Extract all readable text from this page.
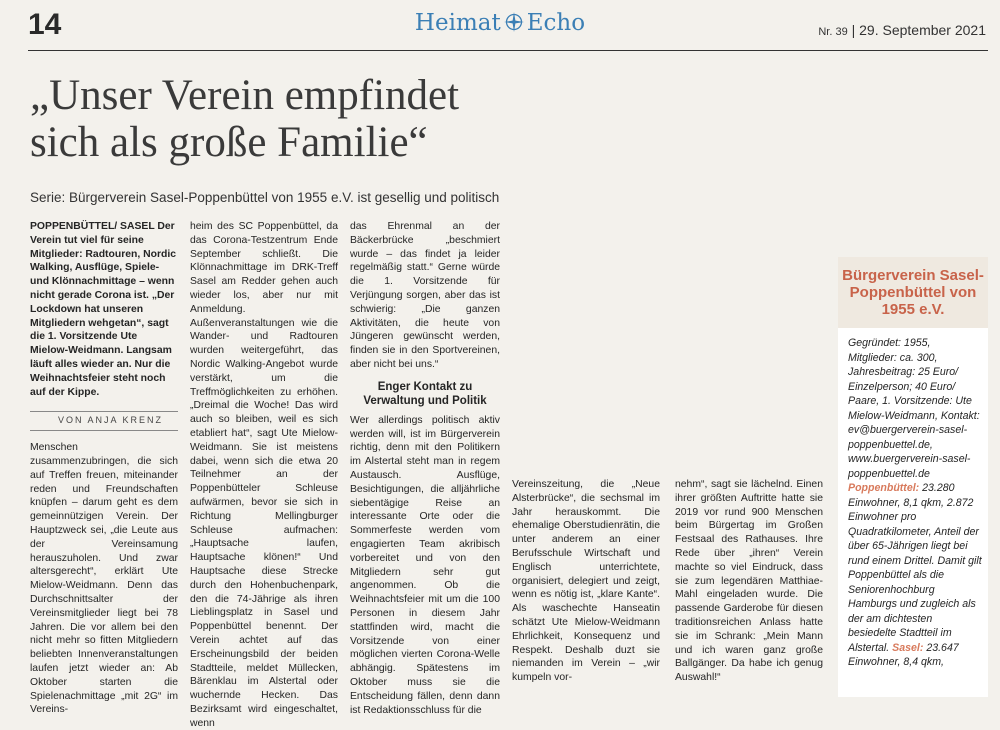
14	Heimat Echo	Nr. 39 | 29. September 2021
„Unser Verein empfindet
sich als große Familie“
Serie: Bürgerverein Sasel-Poppenbüttel von 1955 e.V. ist gesellig und politisch

POPPENBÜTTEL/ SASEL Der Verein tut viel für seine Mitglieder: Radtouren, Nordic Walking, Ausflüge, Spiele- und Klönnachmittage – wenn nicht gerade Corona ist. „Der Lockdown hat unseren Mitgliedern wehgetan“, sagt die 1. Vorsitzende Ute Mielow-Weidmann. Langsam läuft alles wieder an. Nur die Weihnachtsfeier steht noch auf der Kippe.

VON ANJA KRENZ

Menschen zusammenzubringen, die sich auf Treffen freuen, miteinander reden und Freundschaften knüpfen – darum geht es dem gemeinnützigen Verein. Der Hauptzweck sei, „die Leute aus der Vereinsamung herauszuholen. Und zwar altersgerecht“, erklärt Ute Mielow-Weidmann. Denn das Durchschnittsalter der Vereinsmitglieder liegt bei 78 Jahren. Die vor allem bei den nicht mehr so fitten Mitgliedern beliebten Innenveranstaltungen laufen jetzt wieder an: Ab Oktober starten die Spielenachmittage „mit 2G“ im Vereins-

heim des SC Poppenbüttel, da das Corona-Testzentrum Ende September schließt. Die Klönnachmittage im DRK-Treff Sasel am Redder gehen auch wieder los, aber nur mit Anmeldung. Außenveranstaltungen wie die Wander- und Radtouren wurden weitergeführt, das Nordic Walking-Angebot wurde verstärkt, um die Treffmöglichkeiten zu erhöhen. „Dreimal die Woche! Das wird auch so bleiben, weil es sich etabliert hat“, sagt Ute Mielow-Weidmann. Sie ist meistens dabei, wenn sich die etwa 20 Teilnehmer an der Poppenbütteler Schleuse aufwärmen, bevor sie sich in Richtung Mellingburger Schleuse aufmachen: „Hauptsache laufen, Hauptsache klönen!“ Und Hauptsache diese Strecke durch den Hohenbuchenpark, den die 74-Jährige als ihren Lieblingsplatz in Sasel und Poppenbüttel benennt. Der Verein achtet auf das Erscheinungsbild der beiden Stadtteile, meldet Müllecken, Bärenklau im Alstertal oder wuchernde Hecken. Das Bezirksamt wird eingeschaltet, wenn

das Ehrenmal an der Bäckerbrücke „beschmiert wurde – das findet ja leider regelmäßig statt.“ Gerne würde die 1. Vorsitzende für Verjüngung sorgen, aber das ist schwierig: „Die ganzen Aktivitäten, die heute von Jüngeren gewünscht werden, finden sie in den Sportvereinen, aber nicht bei uns.“

Enger Kontakt zu Verwaltung und Politik

Wer allerdings politisch aktiv werden will, ist im Bürgerverein richtig, denn mit den Politikern im Alstertal steht man in regem Austausch. Ausflüge, Besichtigungen, die alljährliche siebentägige Reise an interessante Orte oder die Sommerfeste werden vom engagierten Team akribisch vorbereitet und von den Mitgliedern sehr gut angenommen. Ob die Weihnachtsfeier mit um die 100 Personen in diesem Jahr stattfinden wird, macht die Vorsitzende von einer möglichen vierten Corona-Welle abhängig. Spätestens im Oktober muss sie die Entscheidung fällen, denn dann ist Redaktionsschluss für die

Vereinszeitung, die „Neue Alsterbrücke“, die sechsmal im Jahr herauskommt. Die ehemalige Oberstudienrätin, die unter anderem an einer Berufsschule Wirtschaft und Englisch unterrichtete, organisiert, delegiert und zeigt, wenn es nötig ist, „klare Kante“. Als waschechte Hanseatin schätzt Ute Mielow-Weidmann Ehrlichkeit, Konsequenz und Respekt. Deshalb duzt sie niemanden im Verein – „wir kumpeln vor-

nehm“, sagt sie lächelnd. Einen ihrer größten Auftritte hatte sie 2019 vor rund 900 Menschen beim Bürgertag im Großen Festsaal des Rathauses. Ihre Rede über „ihren“ Verein machte so viel Eindruck, dass sie zum legendären Matthiae-Mahl eingeladen wurde. Die passende Garderobe für diesen traditionsreichen Anlass hatte sie im Schrank: „Mein Mann und ich waren ganz große Ballgänger. Da habe ich genug Auswahl!“

Bürgerverein Sasel-Poppenbüttel von 1955 e.V.
Gegründet: 1955, Mitglieder: ca. 300, Jahresbeitrag: 25 Euro/ Einzelperson; 40 Euro/ Paare, 1. Vorsitzende: Ute Mielow-Weidmann, Kontakt: ev@buergerverein-sasel-poppenbuettel.de, www.buergerverein-sasel-poppenbuettel.de Poppenbüttel: 23.280 Einwohner, 8,1 qkm, 2.872 Einwohner pro Quadratkilometer, Anteil der über 65-Jährigen liegt bei rund einem Drittel. Damit gilt Poppenbüttel als die Seniorenhochburg Hamburgs und zugleich als der am dichtesten besiedelte Stadtteil im Alstertal. Sasel: 23.647 Einwohner, 8,4 qkm,
